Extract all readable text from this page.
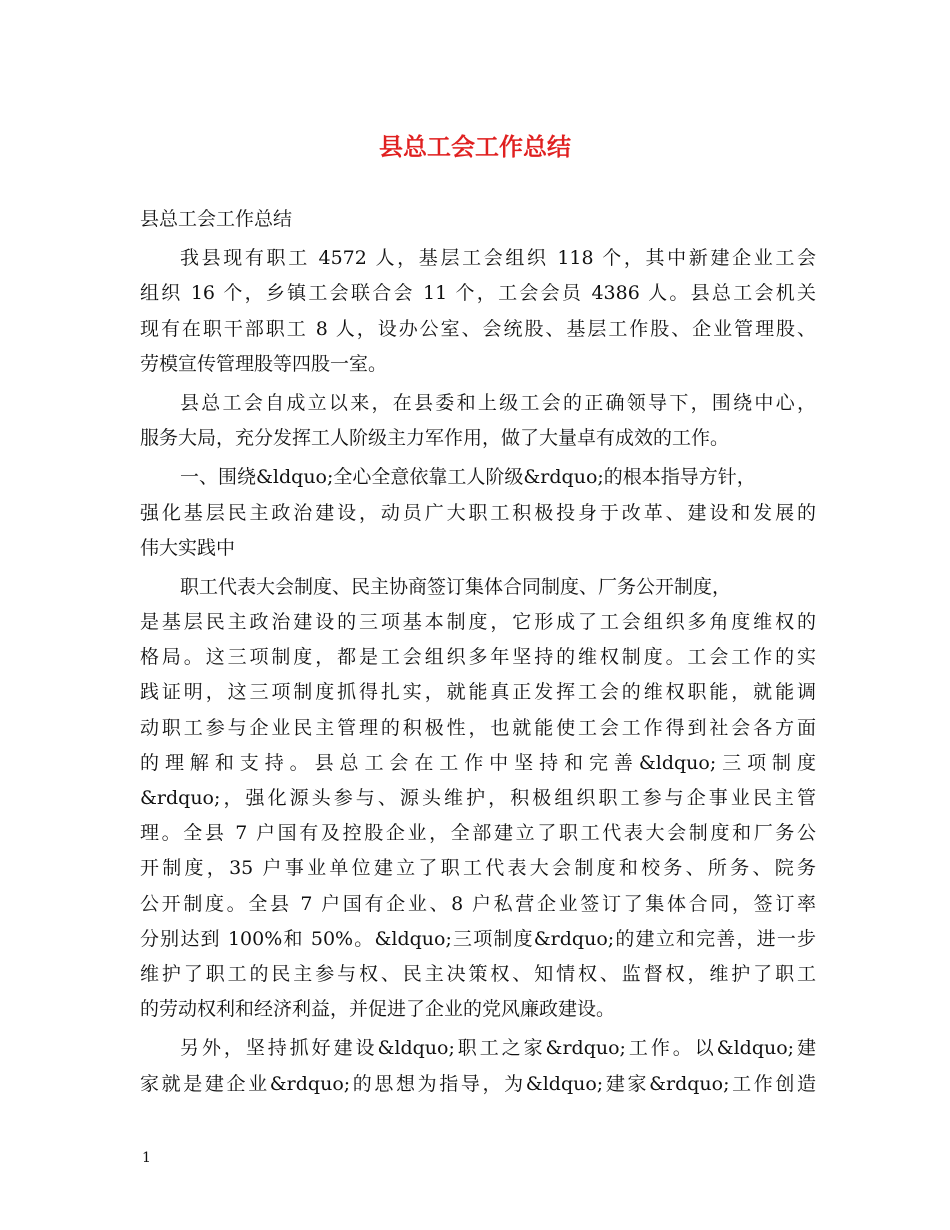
县总工会工作总结
县总工会工作总结
我县现有职工 4572 人，基层工会组织 118 个，其中新建企业工会
组织 16 个，乡镇工会联合会 11 个，工会会员 4386 人。县总工会机关
现有在职干部职工 8 人，设办公室、会统股、基层工作股、企业管理股、
劳模宣传管理股等四股一室。
县总工会自成立以来，在县委和上级工会的正确领导下，围绕中心，
服务大局，充分发挥工人阶级主力军作用，做了大量卓有成效的工作。
一、围绕&ldquo;全心全意依靠工人阶级&rdquo;的根本指导方针，
强化基层民主政治建设，动员广大职工积极投身于改革、建设和发展的
伟大实践中
职工代表大会制度、民主协商签订集体合同制度、厂务公开制度，
是基层民主政治建设的三项基本制度，它形成了工会组织多角度维权的
格局。这三项制度，都是工会组织多年坚持的维权制度。工会工作的实
践证明，这三项制度抓得扎实，就能真正发挥工会的维权职能，就能调
动职工参与企业民主管理的积极性，也就能使工会工作得到社会各方面
的理解和支持。县总工会在工作中坚持和完善&ldquo;三项制度
&rdquo;，强化源头参与、源头维护，积极组织职工参与企事业民主管
理。全县 7 户国有及控股企业，全部建立了职工代表大会制度和厂务公
开制度，35 户事业单位建立了职工代表大会制度和校务、所务、院务
公开制度。全县 7 户国有企业、8 户私营企业签订了集体合同，签订率
分别达到 100%和 50%。&ldquo;三项制度&rdquo;的建立和完善，进一步
维护了职工的民主参与权、民主决策权、知情权、监督权，维护了职工
的劳动权利和经济利益，并促进了企业的党风廉政建设。
另外，坚持抓好建设&ldquo;职工之家&rdquo;工作。以&ldquo;建
家就是建企业&rdquo;的思想为指导，为&ldquo;建家&rdquo;工作创造
1
